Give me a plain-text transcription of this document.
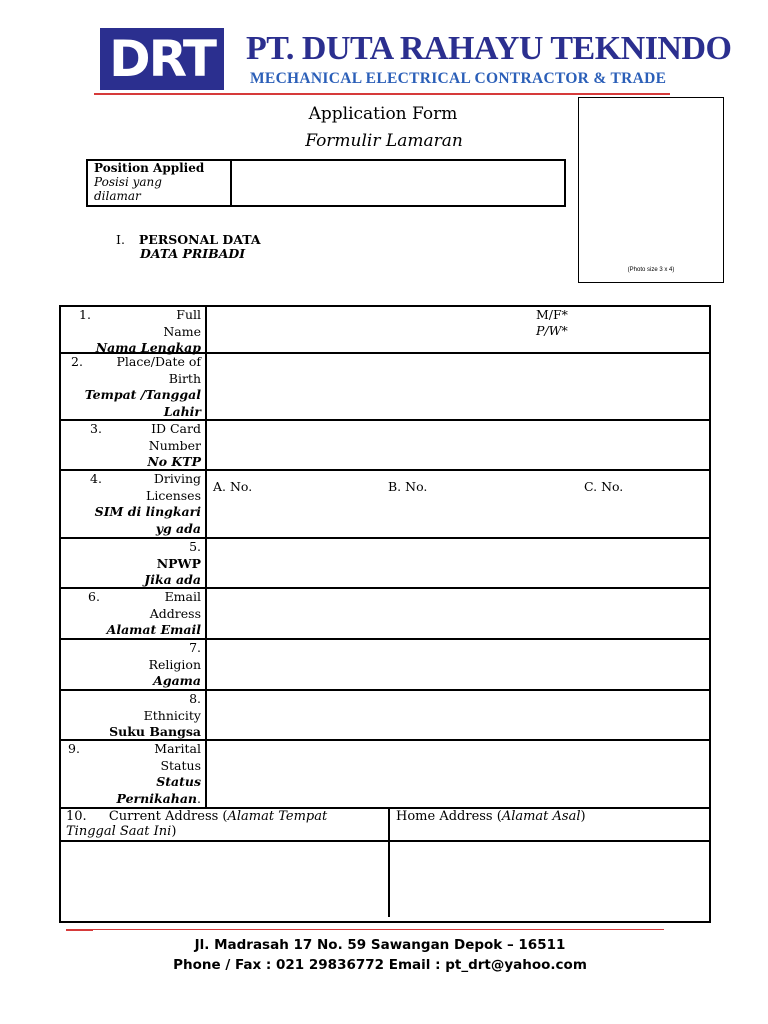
DRT PT. DUTA RAHAYU TEKNINDO
MECHANICAL ELECTRICAL CONTRACTOR & TRADE
Application Form
Formulir Lamaran
(Photo size 3 x 4)
Position Applied
Posisi yang
dilamar
I. PERSONAL DATA
DATA PRIBADI
1.	Full
Name
Nama Lengkap
M/F*
P/W*
2.	Place/Date of
Birth
Tempat /Tanggal
Lahir
3.	ID Card
Number
No KTP
4.	Driving
Licenses
SIM di lingkari
yg ada
A. No.	B. No.	C. No.
5.
NPWP
Jika ada
6.	Email
Address
Alamat Email
7.
Religion
Agama
8.
Ethnicity
Suku Bangsa
9.	Marital
Status
Status
Pernikahan.
10. Current Address (Alamat Tempat
Tinggal Saat Ini)
Home Address (Alamat Asal)
Jl. Madrasah 17 No. 59 Sawangan Depok – 16511
Phone / Fax : 021 29836772 Email : pt_drt@yahoo.com
